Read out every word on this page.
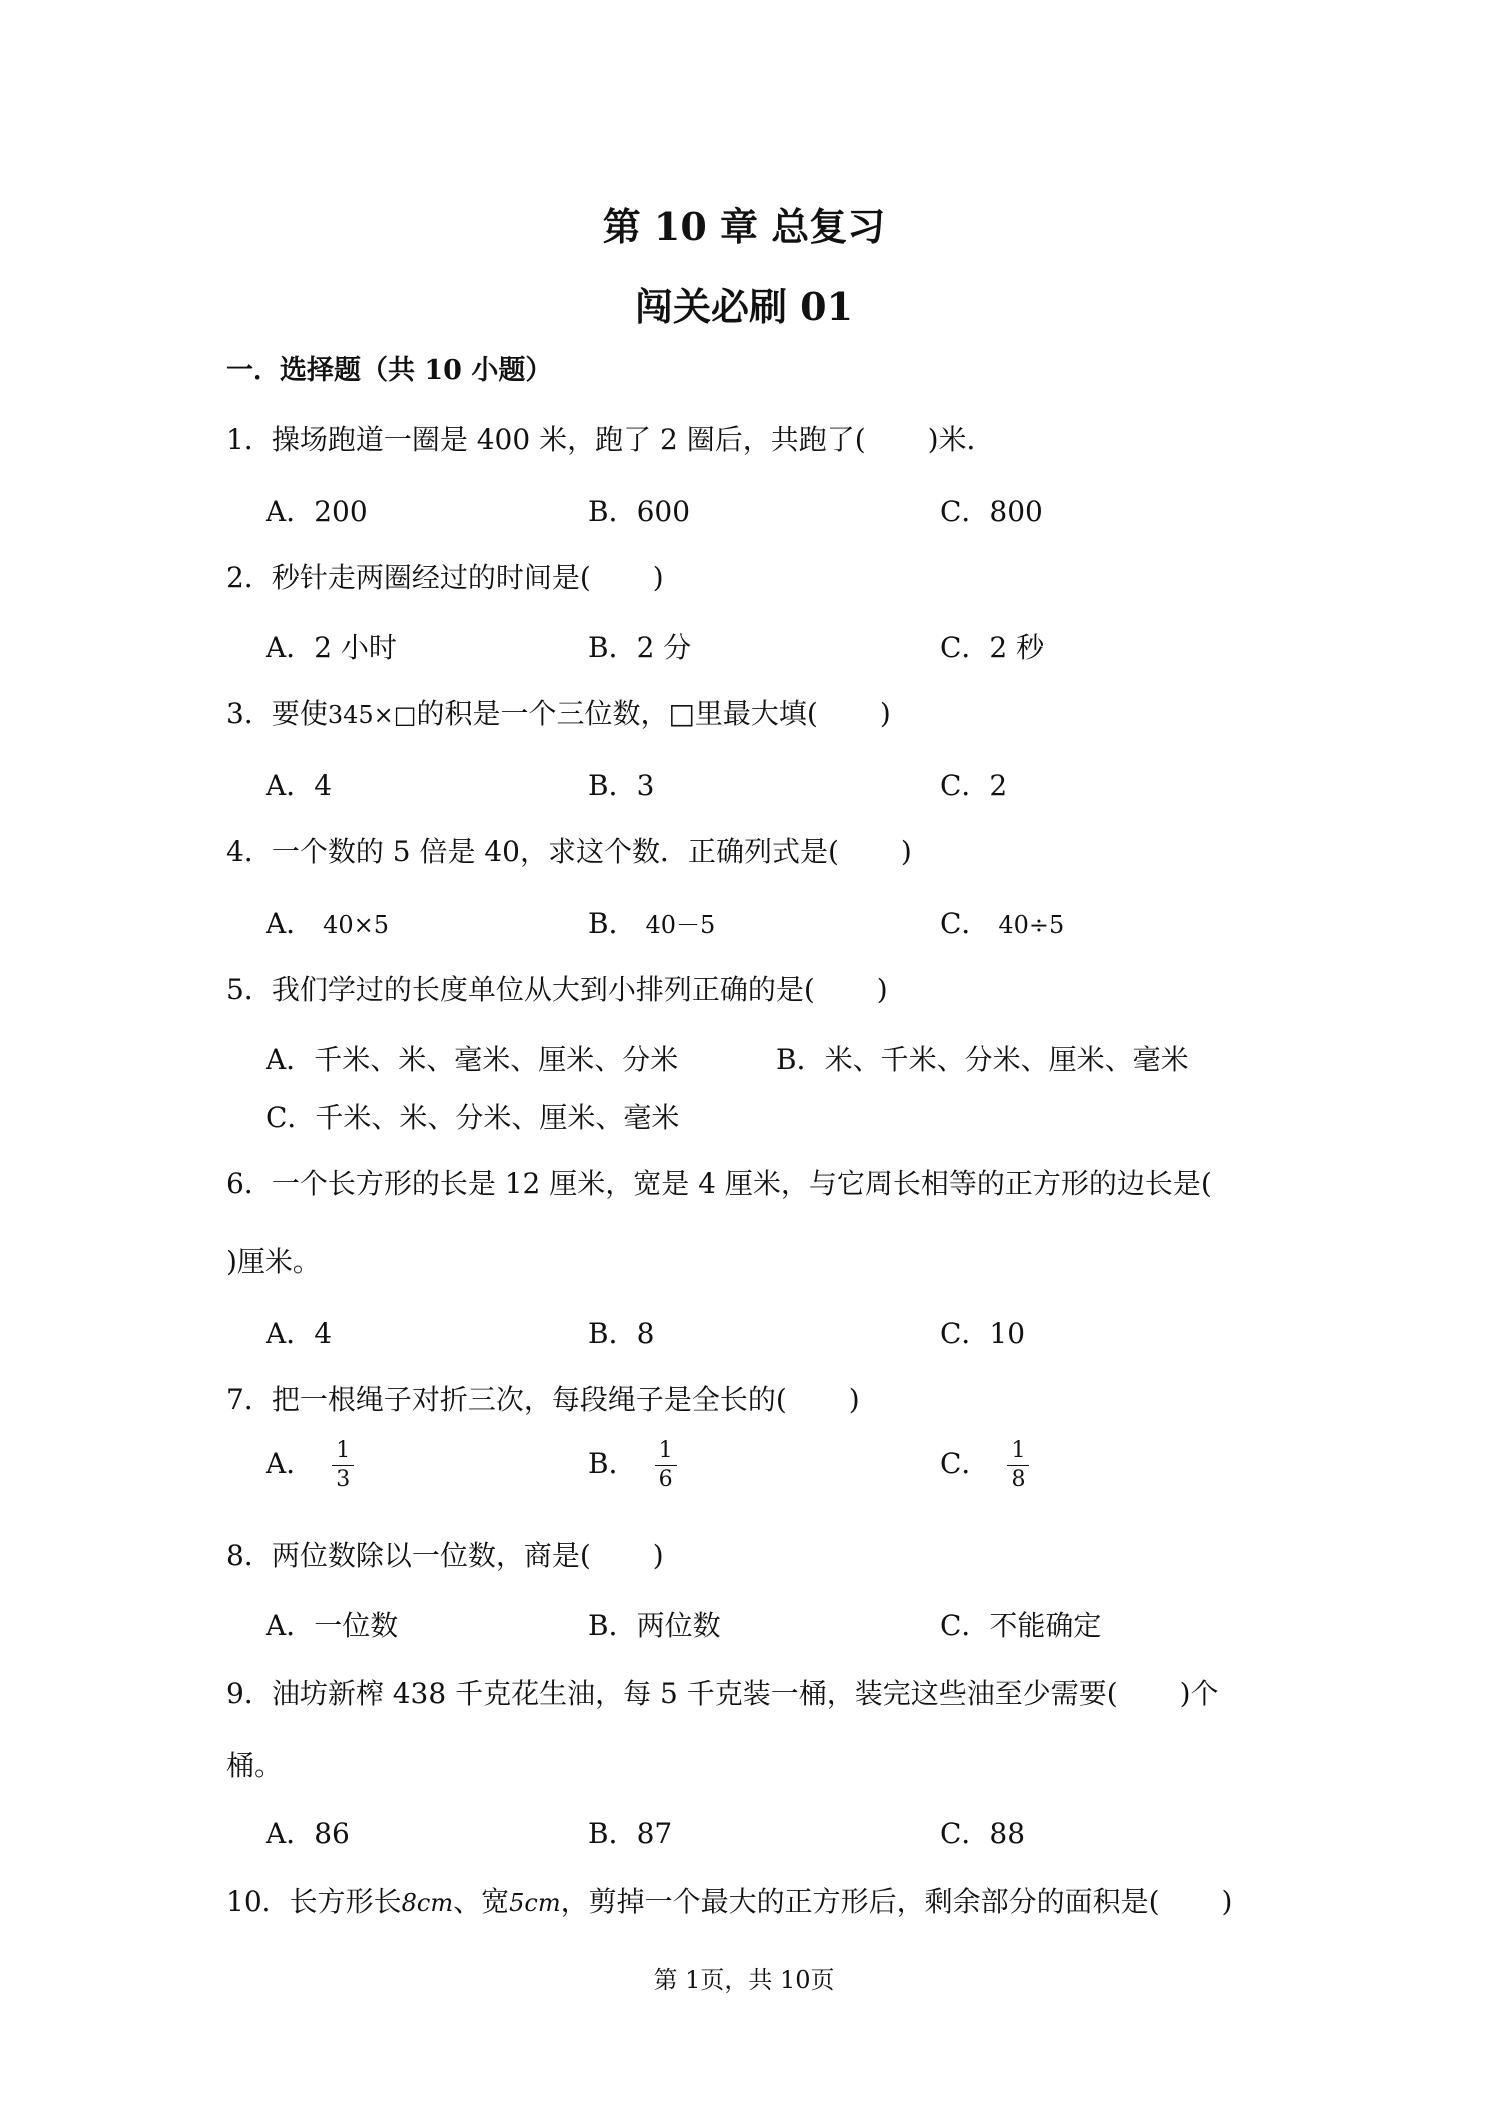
第 10 章 总复习
闯关必刷 01
一．选择题（共 10 小题）
1．操场跑道一圈是 400 米，跑了 2 圈后，共跑了( )米．
A．200	B．600	C．800
2．秒针走两圈经过的时间是( )
A．2 小时	B．2 分	C．2 秒
3．要使345×□的积是一个三位数，□里最大填( )
A．4	B．3	C．2
4．一个数的 5 倍是 40，求这个数．正确列式是( )
A． 40×5	B． 40－5	C． 40÷5
5．我们学过的长度单位从大到小排列正确的是( )
A．千米、米、毫米、厘米、分米	B．米、千米、分米、厘米、毫米
C．千米、米、分米、厘米、毫米
6．一个长方形的长是 12 厘米，宽是 4 厘米，与它周长相等的正方形的边长是(
)厘米。
A．4	B．8	C．10
7．把一根绳子对折三次，每段绳子是全长的( )
A． $\frac{1}{3}$	B． $\frac{1}{6}$	C． $\frac{1}{8}$
8．两位数除以一位数，商是( )
A．一位数	B．两位数	C．不能确定
9．油坊新榨 438 千克花生油，每 5 千克装一桶，装完这些油至少需要( )个
桶。
A．86	B．87	C．88
10．长方形长8cm、宽5cm，剪掉一个最大的正方形后，剩余部分的面积是( )
第 1页，共 10页
